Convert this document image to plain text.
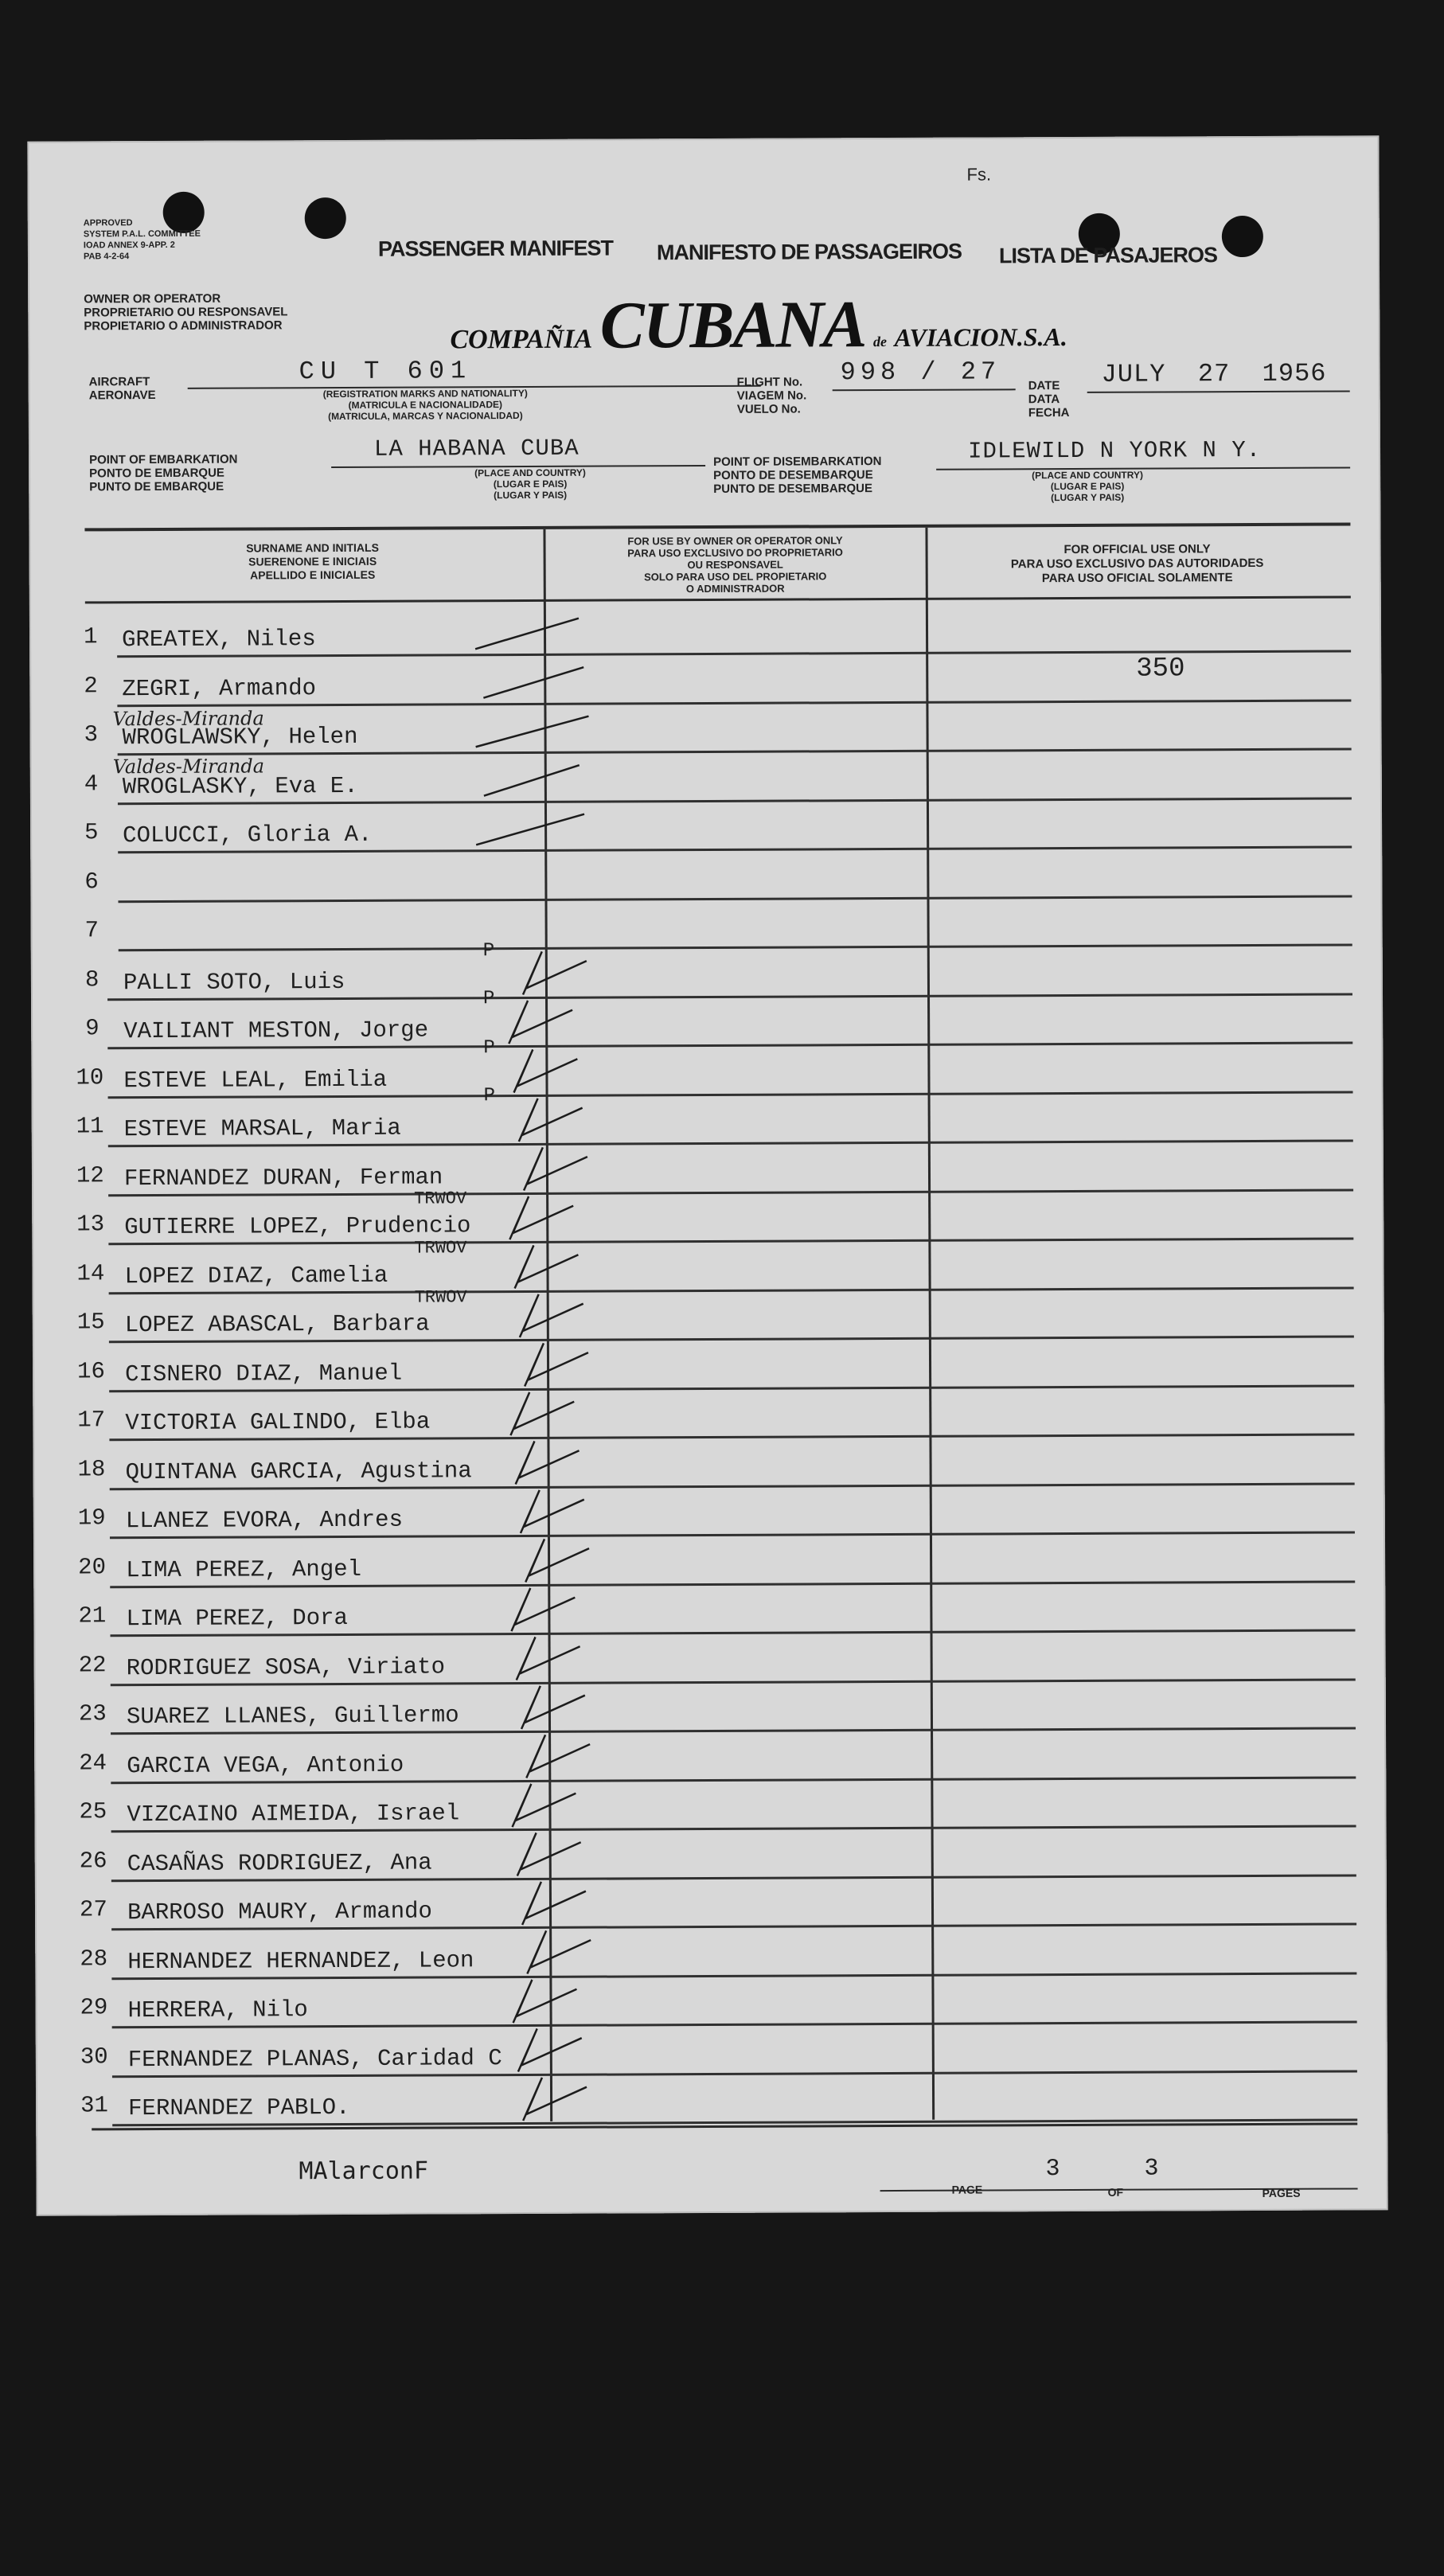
Fs.
APPROVED
SYSTEM P.A.L. COMMITTEE
IOAD ANNEX 9-APP. 2
PAB 4-2-64
OWNER OR OPERATOR
PROPRIETARIO OU RESPONSAVEL
PROPIETARIO O ADMINISTRADOR
PASSENGER MANIFEST MANIFESTO DE PASSAGEIROS LISTA DE PASAJEROS
COMPAÑIA CUBANA de AVIACION.S.A.
AIRCRAFT
AERONAVE
CU T 601
(REGISTRATION MARKS AND NATIONALITY)
(MATRICULA E NACIONALIDADE)
(MATRICULA, MARCAS Y NACIONALIDAD)
FLIGHT No.
VIAGEM No.
VUELO No.
998 / 27 DATE
DATA
FECHA
JULY  27  1956
POINT OF EMBARKATION
PONTO DE EMBARQUE
PUNTO DE EMBARQUE
LA HABANA CUBA
(PLACE AND COUNTRY)
(LUGAR E PAIS)
(LUGAR Y PAIS)
POINT OF DISEMBARKATION
PONTO DE DESEMBARQUE
PUNTO DE DESEMBARQUE
IDLEWILD N YORK N Y.
(PLACE AND COUNTRY)
(LUGAR E PAIS)
(LUGAR Y PAIS)
SURNAME AND INITIALS
SUERENONE E INICIAIS
APELLIDO E INICIALES
FOR USE BY OWNER OR OPERATOR ONLY
PARA USO EXCLUSIVO DO PROPRIETARIO
OU RESPONSAVEL
SOLO PARA USO DEL PROPIETARIO
O ADMINISTRADOR
FOR OFFICIAL USE ONLY
PARA USO EXCLUSIVO DAS AUTORIDADES
PARA USO OFICIAL SOLAMENTE
1 GREATEX, Niles
2 ZEGRI, Armando
3 WROGLAWSKY, Helen
4 WROGLASKY, Eva E.
5 COLUCCI, Gloria A.
6
7
8 PALLI SOTO, Luis
9 VAILIANT MESTON, Jorge
10 ESTEVE LEAL, Emilia
11 ESTEVE MARSAL, Maria
12 FERNANDEZ DURAN, Ferman
13 GUTIERRE LOPEZ, Prudencio
14 LOPEZ DIAZ, Camelia
15 LOPEZ ABASCAL, Barbara
16 CISNERO DIAZ, Manuel
17 VICTORIA GALINDO, Elba
18 QUINTANA GARCIA, Agustina
19 LLANEZ EVORA, Andres
20 LIMA PEREZ, Angel
21 LIMA PEREZ, Dora
22 RODRIGUEZ SOSA, Viriato
23 SUAREZ LLANES, Guillermo
24 GARCIA VEGA, Antonio
25 VIZCAINO AIMEIDA, Israel
26 CASAÑAS RODRIGUEZ, Ana
27 BARROSO MAURY, Armando
28 HERNANDEZ HERNANDEZ, Leon
29 HERRERA, Nilo
30 FERNANDEZ PLANAS, Caridad C
31 FERNANDEZ PABLO.
Valdes-Miranda
Valdes-Miranda
350
P
P
P
P
TRWOV
TRWOV
TRWOV
MAlarconF
PAGE
3
OF
3
PAGES
